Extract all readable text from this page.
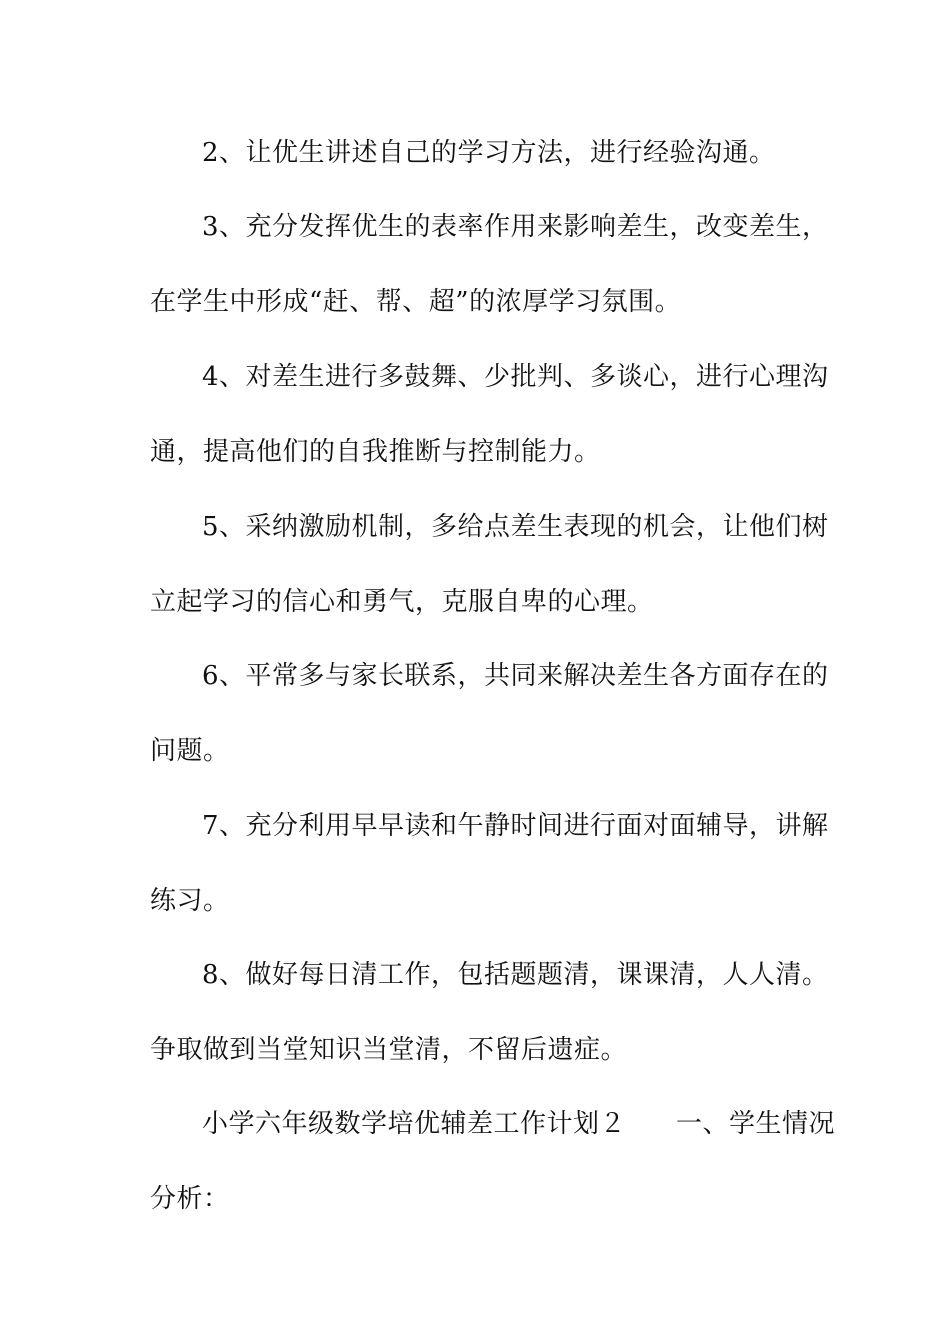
2、让优生讲述自己的学习方法，进行经验沟通。
3、充分发挥优生的表率作用来影响差生，改变差生，
在学生中形成“赶、帮、超”的浓厚学习氛围。
4、对差生进行多鼓舞、少批判、多谈心，进行心理沟
通，提高他们的自我推断与控制能力。
5、采纳激励机制，多给点差生表现的机会，让他们树
立起学习的信心和勇气，克服自卑的心理。
6、平常多与家长联系，共同来解决差生各方面存在的
问题。
7、充分利用早早读和午静时间进行面对面辅导，讲解
练习。
8、做好每日清工作，包括题题清，课课清，人人清。
争取做到当堂知识当堂清，不留后遗症。
小学六年级数学培优辅差工作计划２ 一、学生情况
分析：
